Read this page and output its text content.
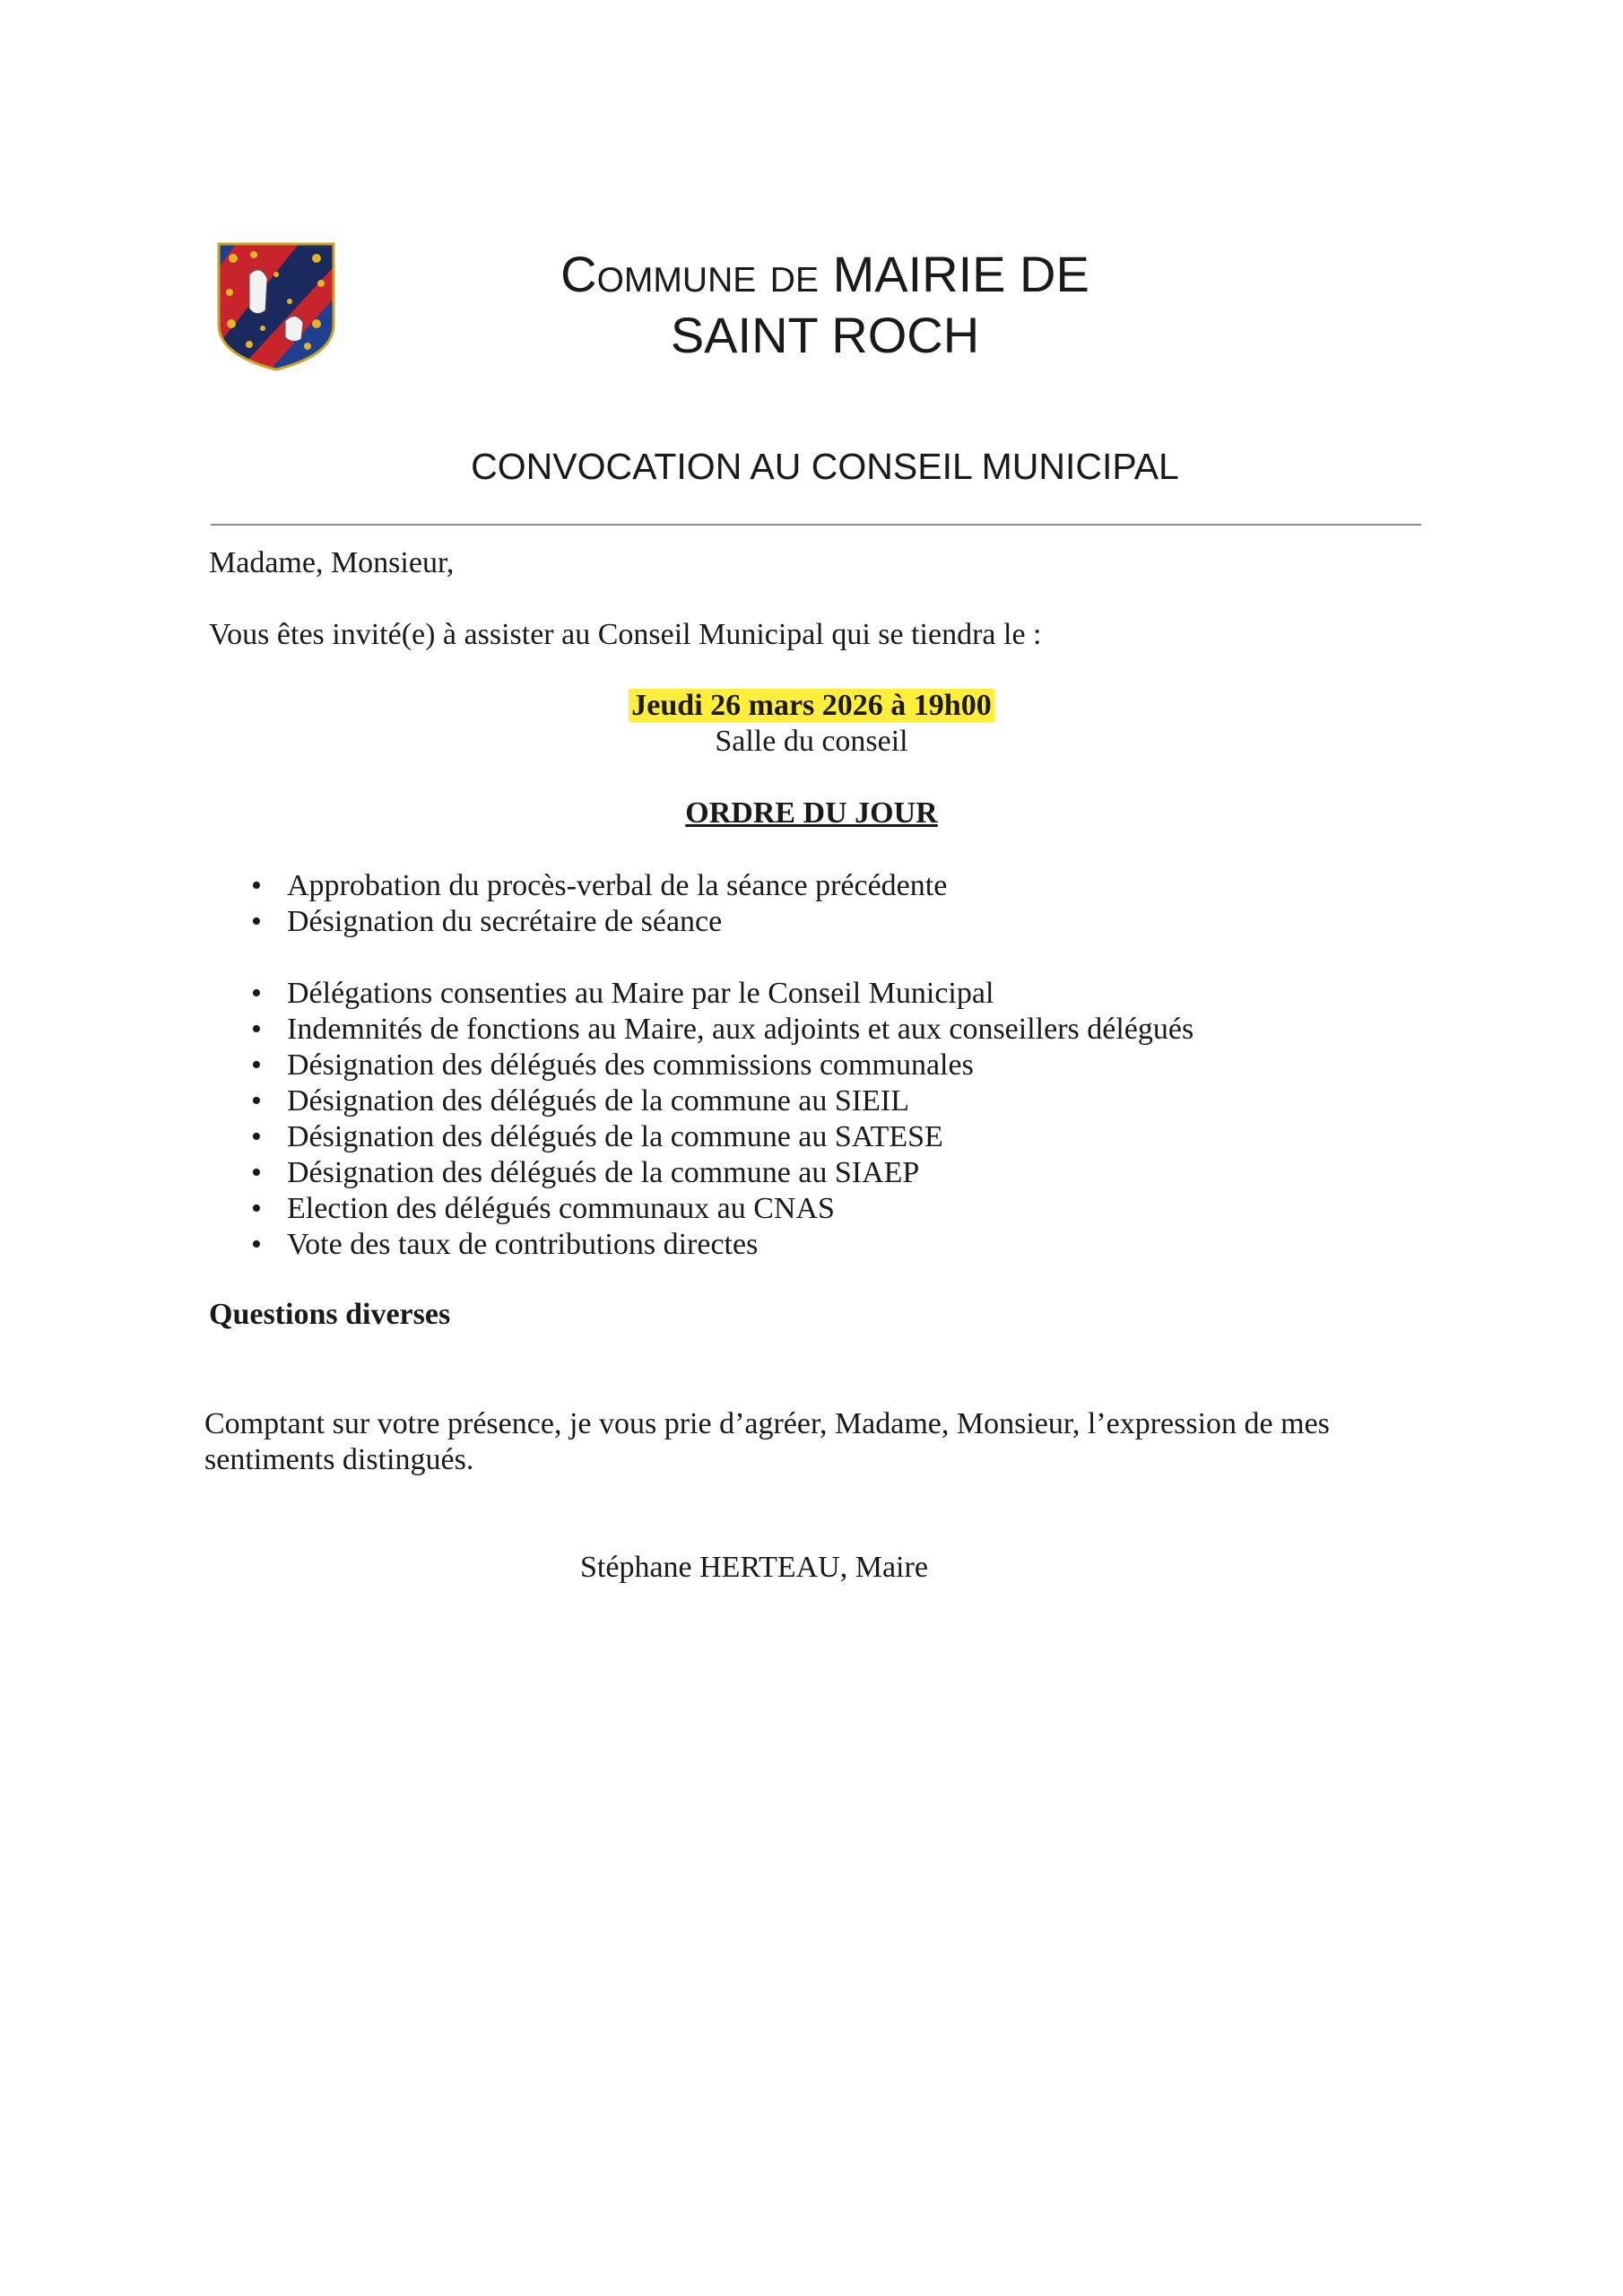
Commune de MAIRIE DE
SAINT ROCH
CONVOCATION AU CONSEIL MUNICIPAL
Madame, Monsieur,
Vous êtes invité(e) à assister au Conseil Municipal qui se tiendra le :
Jeudi 26 mars 2026 à 19h00
Salle du conseil
ORDRE DU JOUR
• Approbation du procès-verbal de la séance précédente
• Désignation du secrétaire de séance
• Délégations consenties au Maire par le Conseil Municipal
• Indemnités de fonctions au Maire, aux adjoints et aux conseillers délégués
• Désignation des délégués des commissions communales
• Désignation des délégués de la commune au SIEIL
• Désignation des délégués de la commune au SATESE
• Désignation des délégués de la commune au SIAEP
• Election des délégués communaux au CNAS
• Vote des taux de contributions directes
Questions diverses
Comptant sur votre présence, je vous prie d’agréer, Madame, Monsieur, l’expression de mes sentiments distingués.
Stéphane HERTEAU, Maire
